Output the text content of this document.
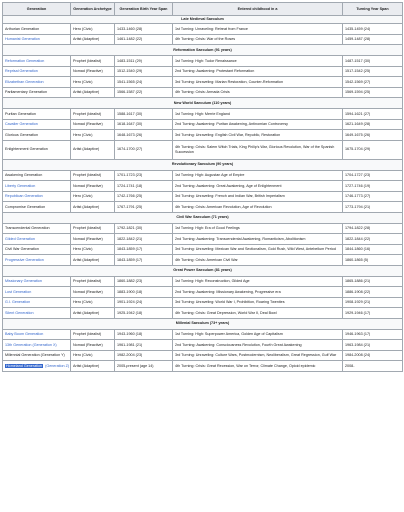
Generation	Generation Archetype	Generation Birth Year Span	Entered childhood in a	Turning Year Span
Late Medieval Saeculum				
Arthurian Generation	Hero (Civic)	1433-1460 (28)	1st Turning: Unraveling: Retreat from France	1435-1459 (24)
Humanist Generation	Artist (Adaptive)	1461-1482 (22)	4th Turning: Crisis: War of the Roses	1459-1487 (28)
Reformation Saeculum (91 years)				
Reformation Generation	Prophet (Idealist)	1483-1511 (29)	1st Turning: High: Tudor Renaissance	1487-1517 (30)
Reprisal Generation	Nomad (Reactive)	1512-1540 (29)	2nd Turning: Awakening: Protestant Reformation	1517-1542 (25)
Elizabethan Generation	Hero (Civic)	1541-1565 (24)	3rd Turning: Unraveling: Marian Restoration, Counter-Reformation	1542-1569 (27)
Parliamentary Generation	Artist (Adaptive)	1566-1587 (22)	4th Turning: Crisis: Armada Crisis	1569-1594 (25)
New World Saeculum (110 years)				
Puritan Generation	Prophet (Idealist)	1588-1617 (30)	1st Turning: High: Merrie England	1594-1621 (27)
Cavalier Generation	Nomad (Reactive)	1618-1647 (30)	2nd Turning: Awakening: Puritan Awakening, Antinomian Controversy	1621-1649 (28)
Glorious Generation	Hero (Civic)	1648-1673 (26)	3rd Turning: Unraveling: English Civil War, Republic, Restoration	1649-1675 (26)
Enlightenment Generation	Artist (Adaptive)	1674-1700 (27)	4th Turning: Crisis: Salem Witch Trials, King Philip's War, Glorious Revolution, War of the Spanish Succession	1675-1704 (29)
Revolutionary Saeculum (90 years)				
Awakening Generation	Prophet (Idealist)	1701-1723 (23)	1st Turning: High: Augustan Age of Empire	1704-1727 (23)
Liberty Generation	Nomad (Reactive)	1724-1741 (18)	2nd Turning: Awakening: Great Awakening, Age of Enlightenment	1727-1746 (19)
Republican Generation	Hero (Civic)	1742-1766 (25)	3rd Turning: Unraveling: French and Indian War, British Imperialism	1746-1773 (27)
Compromise Generation	Artist (Adaptive)	1767-1791 (25)	4th Turning: Crisis: American Revolution, Age of Revolution	1773-1794 (21)
Civil War Saeculum (71 years)				
Transcendental Generation	Prophet (Idealist)	1792-1821 (30)	1st Turning: High: Era of Good Feelings	1794-1822 (28)
Gilded Generation	Nomad (Reactive)	1822-1842 (21)	2nd Turning: Awakening: Transcendental Awakening, Romanticism, Abolitionism	1822-1844 (22)
Civil War Generation	Hero (Civic)	1843-1859 (17)	3rd Turning: Unraveling: Mexican War and Sectionalism, Gold Rush, Wild West, Antebellum Period	1844-1860 (16)
Progressive Generation	Artist (Adaptive)	1843-1859 (17)	4th Turning: Crisis: American Civil War	1860-1865 (5)
Great Power Saeculum (81 years)				
Missionary Generation	Prophet (Idealist)	1860-1882 (23)	1st Turning: High: Reconstruction, Gilded Age	1865-1886 (21)
Lost Generation	Nomad (Reactive)	1883-1900 (18)	2nd Turning: Awakening: Missionary Awakening, Progressive era	1886-1908 (22)
G.I. Generation	Hero (Civic)	1901-1924 (24)	3rd Turning: Unraveling: World War I, Prohibition, Roaring Twenties	1908-1929 (21)
Silent Generation	Artist (Adaptive)	1925-1942 (18)	4th Turning: Crisis: Great Depression, World War II, Deal Bowl	1929-1946 (17)
Millenial Saeculum (73+ years)				
Baby Boom Generation	Prophet (Idealist)	1943-1960 (18)	1st Turning: High: Superpower America, Golden Age of Capitalism	1946-1963 (17)
13th Generation (Generation X)	Nomad (Reactive)	1961-1981 (21)	2nd Turning: Awakening: Consciousness Revolution, Fourth Great Awakening	1963-1984 (21)
Millennial Generation (Generation Y)	Hero (Civic)	1982-2004 (23)	3rd Turning: Unraveling: Culture Wars, Postmodernism, Neoliberalism, Great Regression, Gulf War	1984-2008 (24)
Homeland Generation (Generation Z)	Artist (Adaptive)	2005-present (age 14)	4th Turning: Crisis: Great Recession, War on Terror, Climate Change, Opioid epidemic	2008-
